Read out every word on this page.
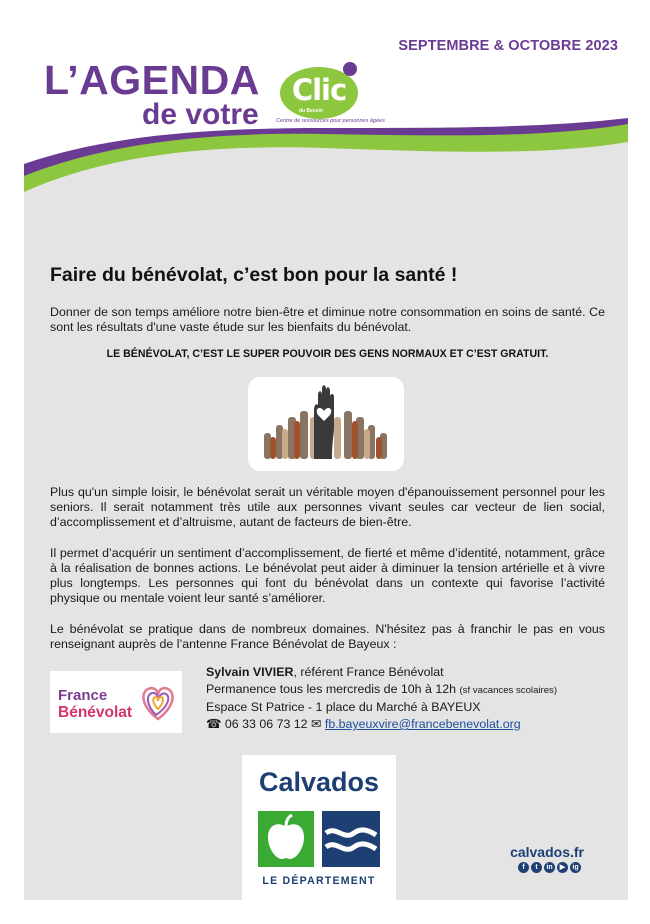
SEPTEMBRE & OCTOBRE 2023
L’AGENDA
de votre
Clic
du Bessin
Centre de ressources pour personnes âgées
Faire du bénévolat, c’est bon pour la santé !
Donner de son temps améliore notre bien-être et diminue notre consommation en soins de santé. Ce sont les résultats d'une vaste étude sur les bienfaits du bénévolat.
LE BÉNÉVOLAT, C’EST LE SUPER POUVOIR DES GENS NORMAUX ET C’EST GRATUIT.
Plus qu'un simple loisir, le bénévolat serait un véritable moyen d'épanouissement personnel pour les seniors. Il serait notamment très utile aux personnes vivant seules car vecteur de lien social, d’accomplissement et d’altruisme, autant de facteurs de bien-être.
Il permet d’acquérir un sentiment d’accomplissement, de fierté et même d’identité, notamment, grâce à la réalisation de bonnes actions. Le bénévolat peut aider à diminuer la tension artérielle et à vivre plus longtemps. Les personnes qui font du bénévolat dans un contexte qui favorise l’activité physique ou mentale voient leur santé s’améliorer.
Le bénévolat se pratique dans de nombreux domaines. N'hésitez pas à franchir le pas en vous renseignant auprès de l’antenne France Bénévolat de Bayeux :
France
Bénévolat
Sylvain VIVIER, référent France Bénévolat
Permanence tous les mercredis de 10h à 12h (sf vacances scolaires)
Espace St Patrice - 1 place du Marché à BAYEUX
☎ 06 33 06 73 12 ✉ fb.bayeuxvire@francebenevolat.org
Calvados
LE DÉPARTEMENT
calvados.fr
f	t	in	▶	ig
